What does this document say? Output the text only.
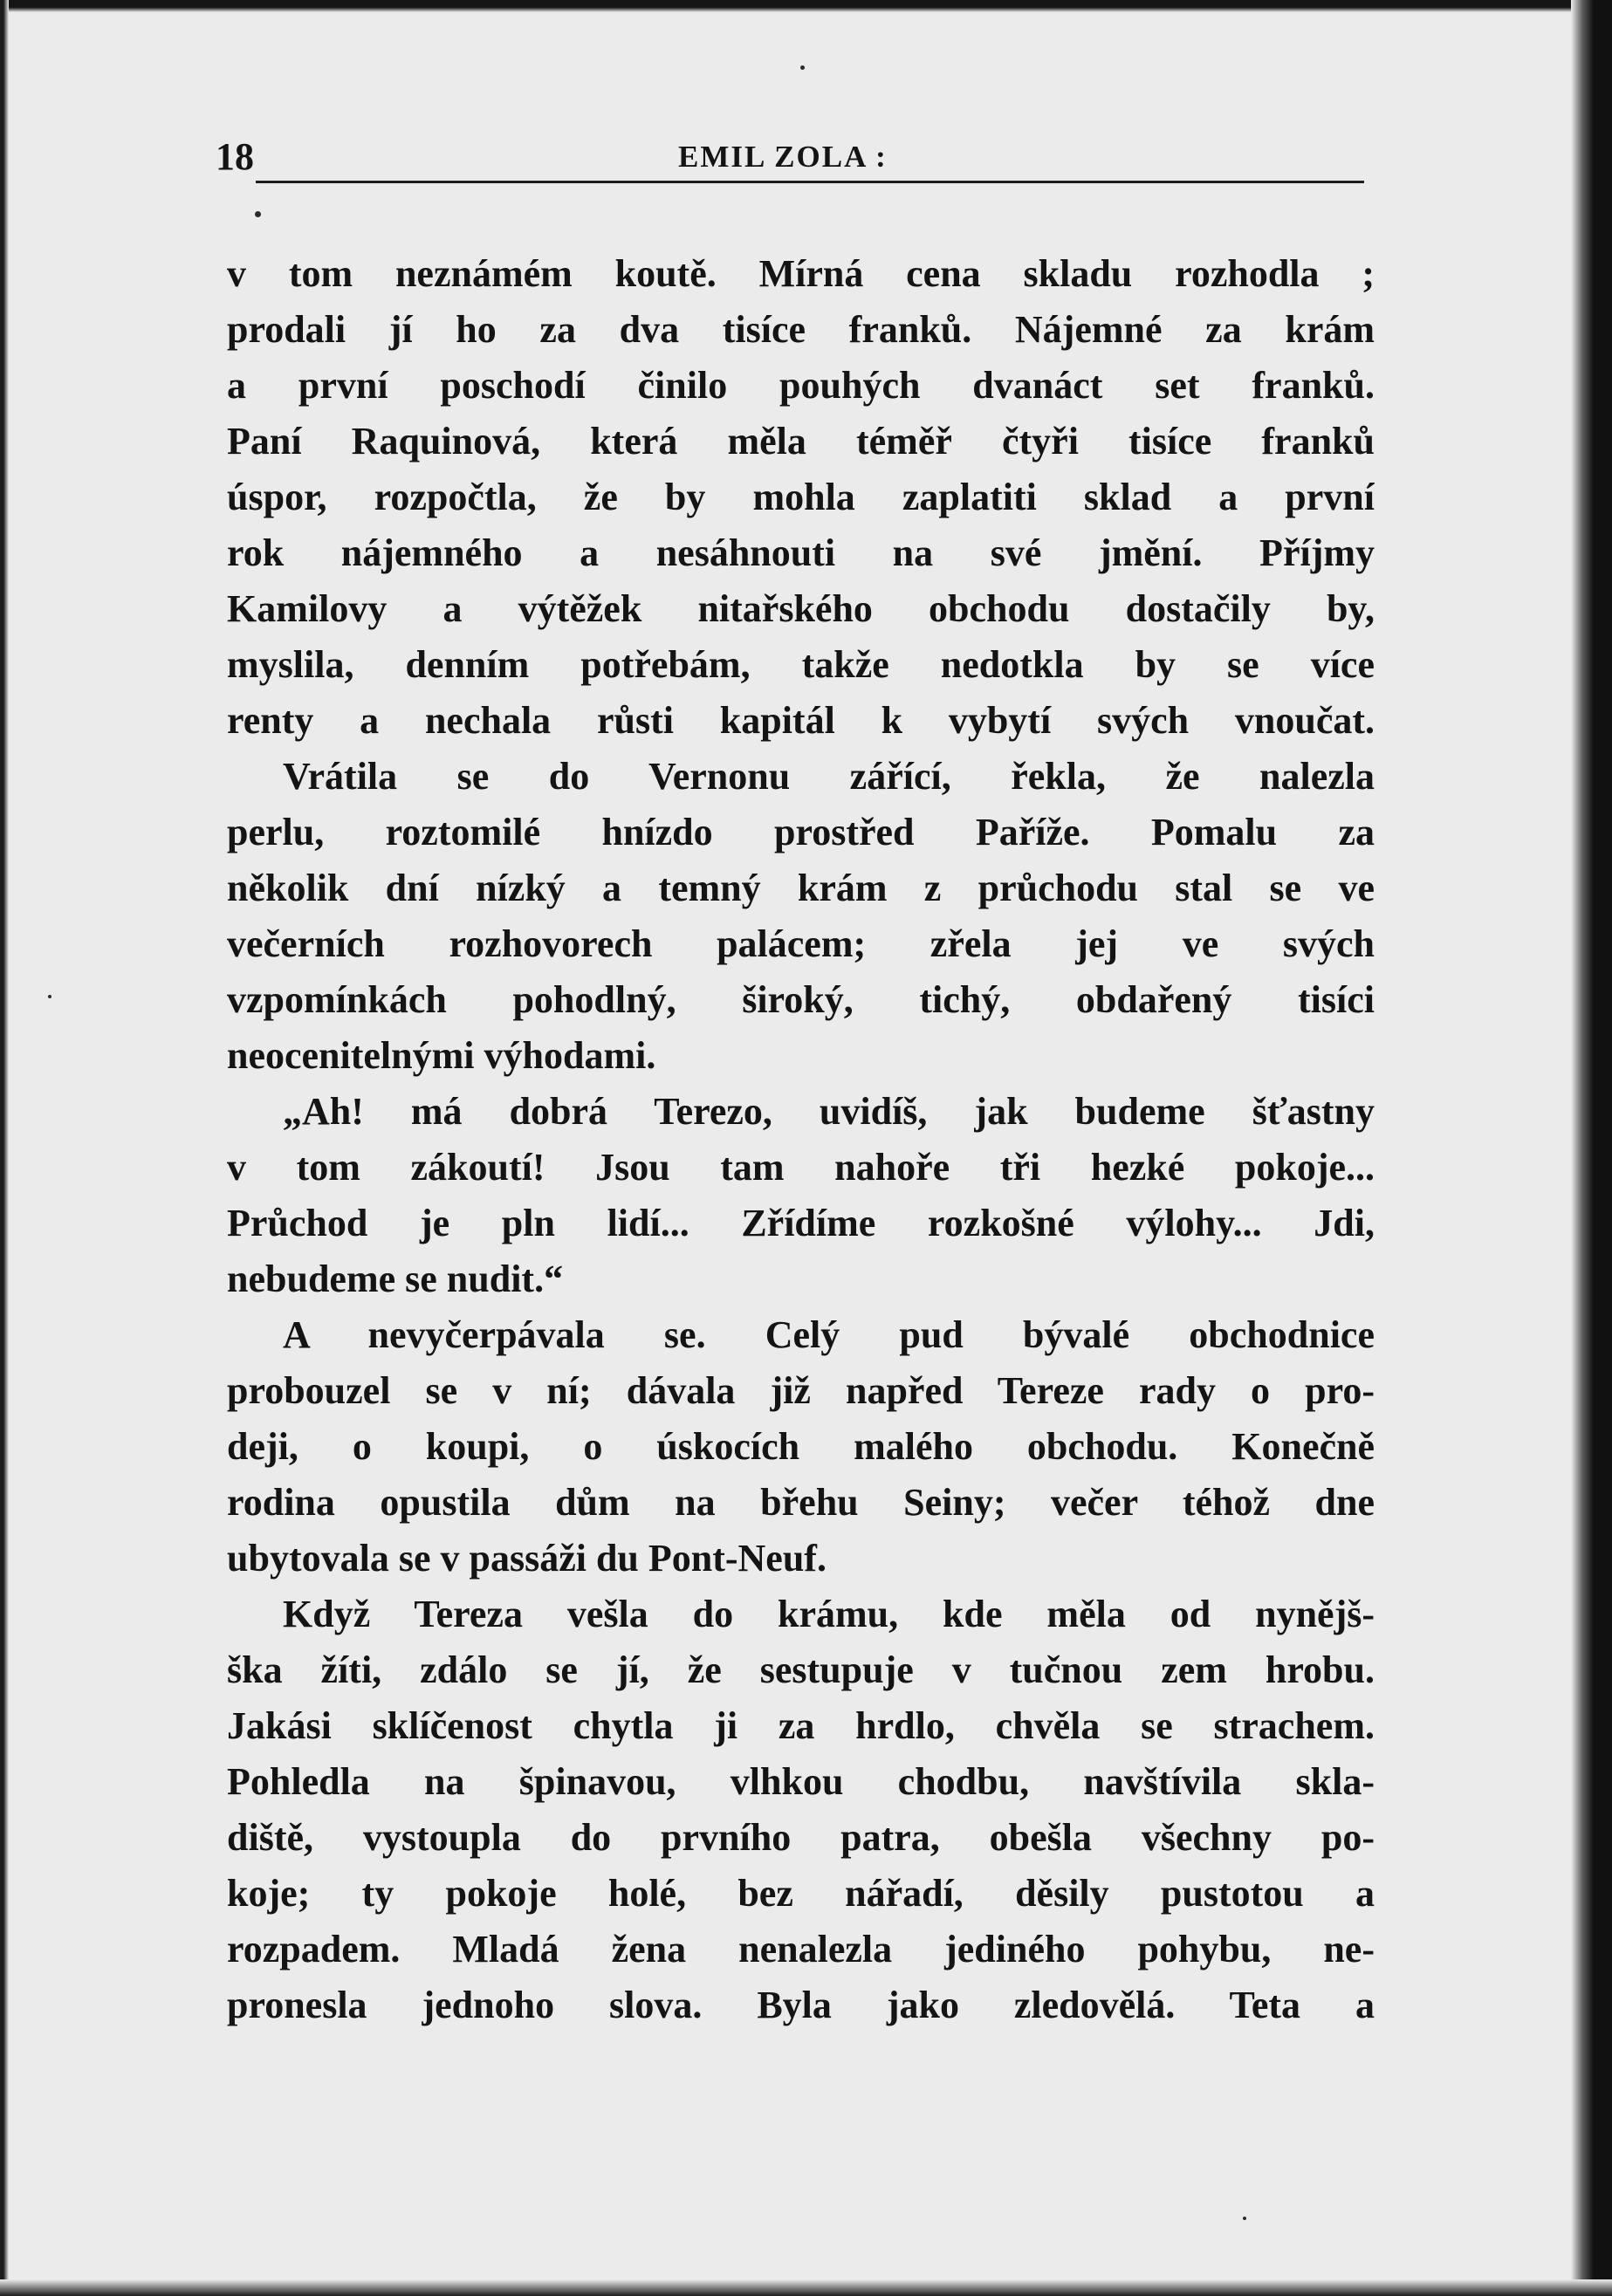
18	EMIL ZOLA :
v tom neznámém koutě. Mírná cena skladu rozhodla ;
prodali jí ho za dva tisíce franků. Nájemné za krám
a první poschodí činilo pouhých dvanáct set franků.
Paní Raquinová, která měla téměř čtyři tisíce franků
úspor, rozpočtla, že by mohla zaplatiti sklad a první
rok nájemného a nesáhnouti na své jmění. Příjmy
Kamilovy a výtěžek nitařského obchodu dostačily by,
myslila, denním potřebám, takže nedotkla by se více
renty a nechala růsti kapitál k vybytí svých vnoučat.
Vrátila se do Vernonu zářící, řekla, že nalezla
perlu, roztomilé hnízdo prostřed Paříže. Pomalu za
několik dní nízký a temný krám z průchodu stal se ve
večerních rozhovorech palácem; zřela jej ve svých
vzpomínkách pohodlný, široký, tichý, obdařený tisíci
neocenitelnými výhodami.
„Ah! má dobrá Terezo, uvidíš, jak budeme šťastny
v tom zákoutí! Jsou tam nahoře tři hezké pokoje...
Průchod je pln lidí... Zřídíme rozkošné výlohy... Jdi,
nebudeme se nudit.“
A nevyčerpávala se. Celý pud bývalé obchodnice
probouzel se v ní; dávala již napřed Tereze rady o pro-
deji, o koupi, o úskocích malého obchodu. Konečně
rodina opustila dům na břehu Seiny; večer téhož dne
ubytovala se v passáži du Pont-Neuf.
Když Tereza vešla do krámu, kde měla od nynějš-
ška žíti, zdálo se jí, že sestupuje v tučnou zem hrobu.
Jakási sklíčenost chytla ji za hrdlo, chvěla se strachem.
Pohledla na špinavou, vlhkou chodbu, navštívila skla-
diště, vystoupla do prvního patra, obešla všechny po-
koje; ty pokoje holé, bez nářadí, děsily pustotou a
rozpadem. Mladá žena nenalezla jediného pohybu, ne-
pronesla jednoho slova. Byla jako zledovělá. Teta a
